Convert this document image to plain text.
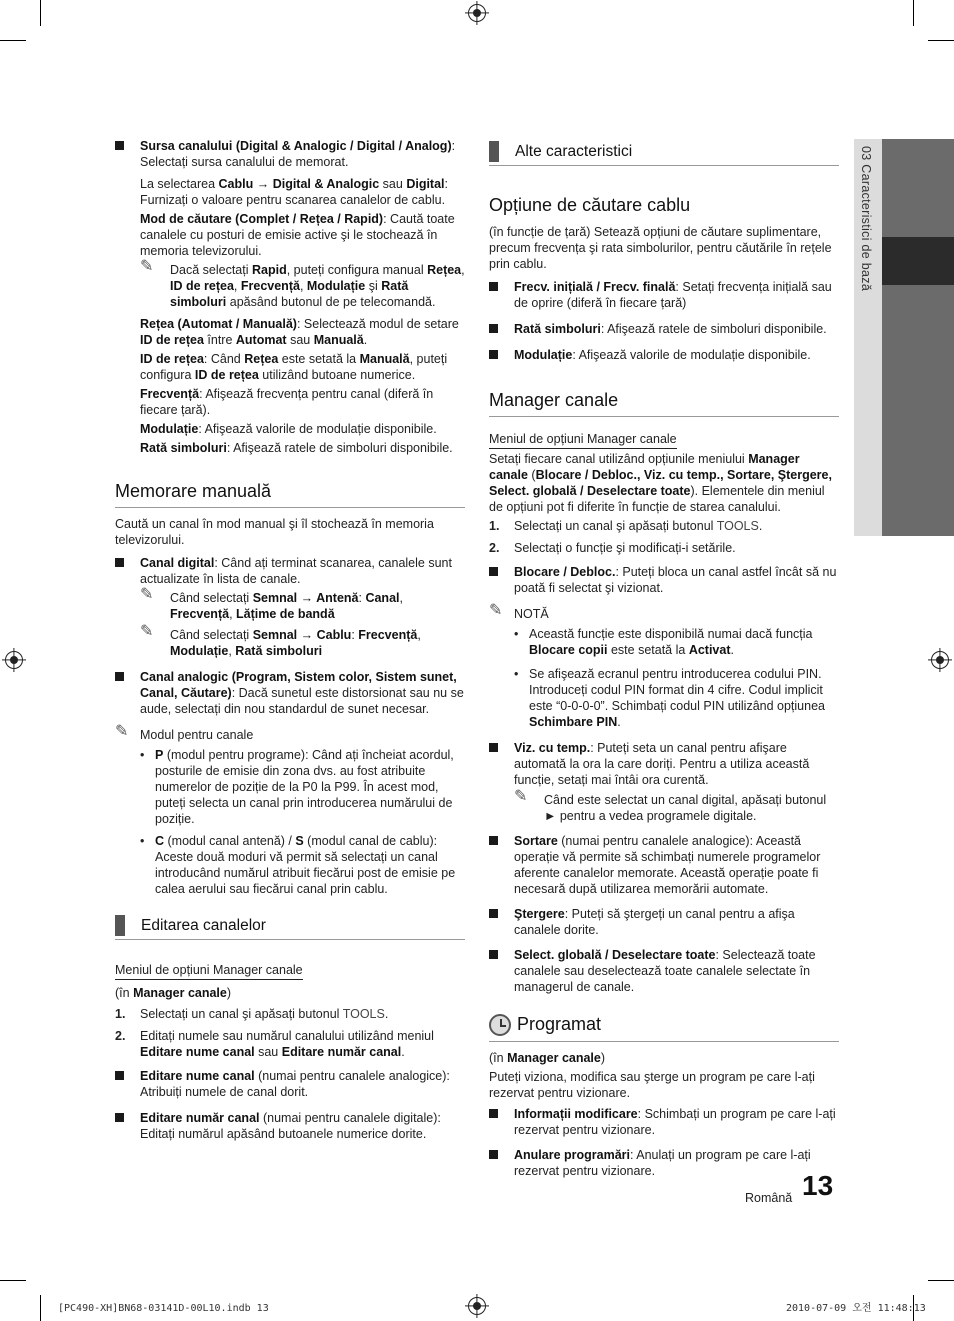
03 Caracteristici de bază

Sursa canalului (Digital & Analogic / Digital / Analog): Selectați sursa canalului de memorat.

La selectarea Cablu → Digital & Analogic sau Digital: Furnizați o valoare pentru scanarea canalelor de cablu.

Mod de căutare (Complet / Rețea / Rapid): Caută toate canalele cu posturi de emisie active şi le stochează în memoria televizorului.

✎ Dacă selectați Rapid, puteți configura manual Rețea, ID de rețea, Frecvență, Modulație şi Rată simboluri apăsând butonul de pe telecomandă.

Rețea (Automat / Manuală): Selectează modul de setare ID de rețea între Automat sau Manuală.

ID de rețea: Când Rețea este setată la Manuală, puteți configura ID de rețea utilizând butoane numerice.

Frecvență: Afişează frecvența pentru canal (diferă în fiecare țară).

Modulație: Afişează valorile de modulație disponibile.

Rată simboluri: Afişează ratele de simboluri disponibile.

Memorare manuală

Caută un canal în mod manual şi îl stochează în memoria televizorului.

Canal digital: Când ați terminat scanarea, canalele sunt actualizate în lista de canale.

✎ Când selectați Semnal → Antenă: Canal, Frecvență, Lățime de bandă

✎ Când selectați Semnal → Cablu: Frecvență, Modulație, Rată simboluri

Canal analogic (Program, Sistem color, Sistem sunet, Canal, Căutare): Dacă sunetul este distorsionat sau nu se aude, selectați din nou standardul de sunet necesar.

✎ Modul pentru canale

• P (modul pentru programe): Când ați încheiat acordul, posturile de emisie din zona dvs. au fost atribuite numerelor de poziție de la P0 la P99. În acest mod, puteți selecta un canal prin introducerea numărului de poziție.

• C (modul canal antenă) / S (modul canal de cablu): Aceste două moduri vă permit să selectați un canal introducând numărul atribuit fiecărui post de emisie pe calea aerului sau fiecărui canal prin cablu.

Editarea canalelor
Meniul de opțiuni Manager canale

(în Manager canale)

1. Selectați un canal şi apăsați butonul TOOLS.

2. Editați numele sau numărul canalului utilizând meniul Editare nume canal sau Editare număr canal.

Editare nume canal (numai pentru canalele analogice): Atribuiți numele de canal dorit.

Editare număr canal (numai pentru canalele digitale): Editați numărul apăsând butoanele numerice dorite.

Alte caracteristici
Opțiune de căutare cablu

(în funcție de țară) Setează opțiuni de căutare suplimentare, precum frecvența şi rata simbolurilor, pentru căutările în rețele prin cablu.

Frecv. inițială / Frecv. finală: Setați frecvența inițială sau de oprire (diferă în fiecare țară)

Rată simboluri: Afişează ratele de simboluri disponibile.

Modulație: Afişează valorile de modulație disponibile.

Manager canale
Meniul de opțiuni Manager canale

Setați fiecare canal utilizând opțiunile meniului Manager canale (Blocare / Debloc., Viz. cu temp., Sortare, Ştergere, Select. globală / Deselectare toate). Elementele din meniul de opțiuni pot fi diferite în funcție de starea canalului.

1. Selectați un canal şi apăsați butonul TOOLS.

2. Selectați o funcție şi modificați-i setările.

Blocare / Debloc.: Puteți bloca un canal astfel încât să nu poată fi selectat şi vizionat.

✎ NOTĂ

• Această funcție este disponibilă numai dacă funcția Blocare copii este setată la Activat.

• Se afişează ecranul pentru introducerea codului PIN. Introduceți codul PIN format din 4 cifre. Codul implicit este “0-0-0-0”. Schimbați codul PIN utilizând opțiunea Schimbare PIN.

Viz. cu temp.: Puteți seta un canal pentru afişare automată la ora la care doriți. Pentru a utiliza această funcție, setați mai întâi ora curentă.

✎ Când este selectat un canal digital, apăsați butonul ► pentru a vedea programele digitale.

Sortare (numai pentru canalele analogice): Această operație vă permite să schimbați numerele programelor aferente canalelor memorate. Această operație poate fi necesară după utilizarea memorării automate.

Ştergere: Puteți să ştergeți un canal pentru a afişa canalele dorite.

Select. globală / Deselectare toate: Selectează toate canalele sau deselectează toate canalele selectate în managerul de canale.

Programat

(în Manager canale)

Puteți viziona, modifica sau şterge un program pe care l-ați rezervat pentru vizionare.

Informații modificare: Schimbați un program pe care l-ați rezervat pentru vizionare.

Anulare programări: Anulați un program pe care l-ați rezervat pentru vizionare.

Română 13
[PC490-XH]BN68-03141D-00L10.indb 13	2010-07-09 오전 11:48:13
